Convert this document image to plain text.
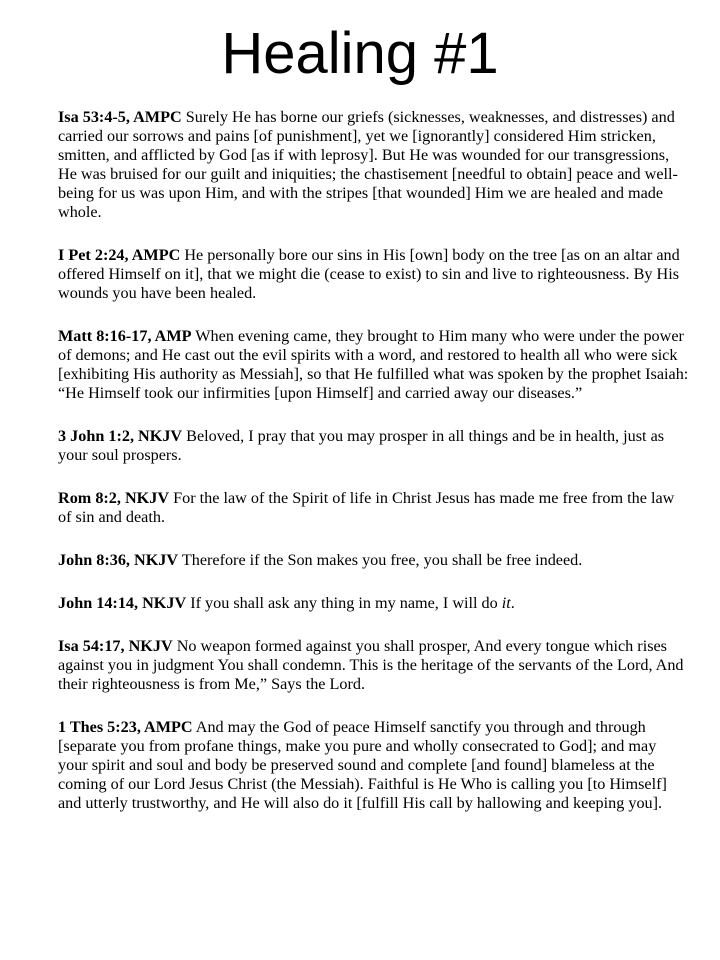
Healing #1

Isa 53:4-5, AMPC Surely He has borne our griefs (sicknesses, weaknesses, and distresses) and carried our sorrows and pains [of punishment], yet we [ignorantly] considered Him stricken, smitten, and afflicted by God [as if with leprosy]. But He was wounded for our transgressions, He was bruised for our guilt and iniquities; the chastisement [needful to obtain] peace and well-being for us was upon Him, and with the stripes [that wounded] Him we are healed and made whole.

I Pet 2:24, AMPC He personally bore our sins in His [own] body on the tree [as on an altar and offered Himself on it], that we might die (cease to exist) to sin and live to righteousness. By His wounds you have been healed.

Matt 8:16-17, AMP When evening came, they brought to Him many who were under the power of demons; and He cast out the evil spirits with a word, and restored to health all who were sick [exhibiting His authority as Messiah], so that He fulfilled what was spoken by the prophet Isaiah: “He Himself took our infirmities [upon Himself] and carried away our diseases.”

3 John 1:2, NKJV Beloved, I pray that you may prosper in all things and be in health, just as your soul prospers.

Rom 8:2, NKJV For the law of the Spirit of life in Christ Jesus has made me free from the law of sin and death.

John 8:36, NKJV Therefore if the Son makes you free, you shall be free indeed.

John 14:14, NKJV If you shall ask any thing in my name, I will do it.

Isa 54:17, NKJV No weapon formed against you shall prosper, And every tongue which rises against you in judgment You shall condemn. This is the heritage of the servants of the Lord, And their righteousness is from Me,” Says the Lord.

1 Thes 5:23, AMPC And may the God of peace Himself sanctify you through and through [separate you from profane things, make you pure and wholly consecrated to God]; and may your spirit and soul and body be preserved sound and complete [and found] blameless at the coming of our Lord Jesus Christ (the Messiah). Faithful is He Who is calling you [to Himself] and utterly trustworthy, and He will also do it [fulfill His call by hallowing and keeping you].
